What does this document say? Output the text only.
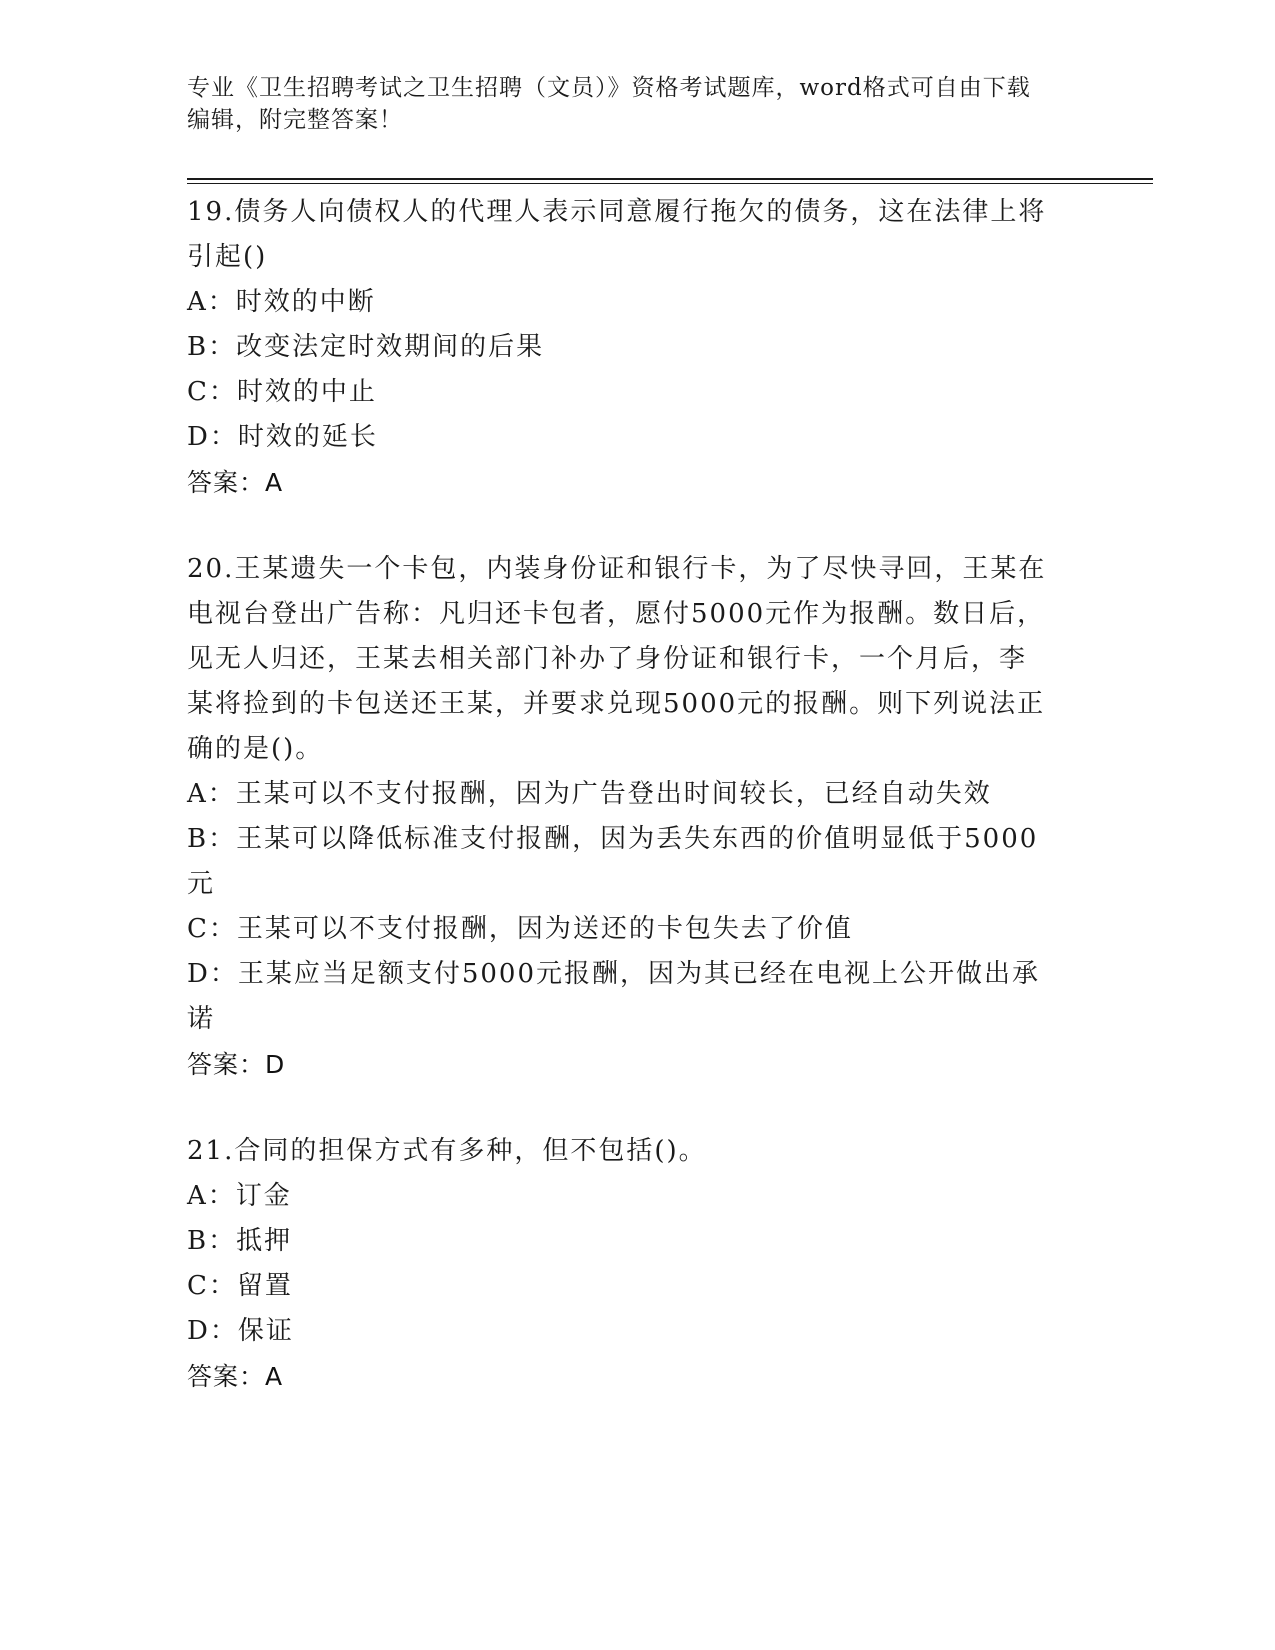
专业《卫生招聘考试之卫生招聘（文员）》资格考试题库，word格式可自由下载
编辑，附完整答案！

19.债务人向债权人的代理人表示同意履行拖欠的债务，这在法律上将

引起()

A：时效的中断

B：改变法定时效期间的后果

C：时效的中止

D：时效的延长

答案：A

20.王某遗失一个卡包，内装身份证和银行卡，为了尽快寻回，王某在

电视台登出广告称：凡归还卡包者，愿付5000元作为报酬。数日后，

见无人归还，王某去相关部门补办了身份证和银行卡，一个月后，李

某将捡到的卡包送还王某，并要求兑现5000元的报酬。则下列说法正

确的是()。

A：王某可以不支付报酬，因为广告登出时间较长，已经自动失效

B：王某可以降低标准支付报酬，因为丢失东西的价值明显低于5000

元

C：王某可以不支付报酬，因为送还的卡包失去了价值

D：王某应当足额支付5000元报酬，因为其已经在电视上公开做出承

诺

答案：D

21.合同的担保方式有多种，但不包括()。

A：订金

B：抵押

C：留置

D：保证

答案：A
